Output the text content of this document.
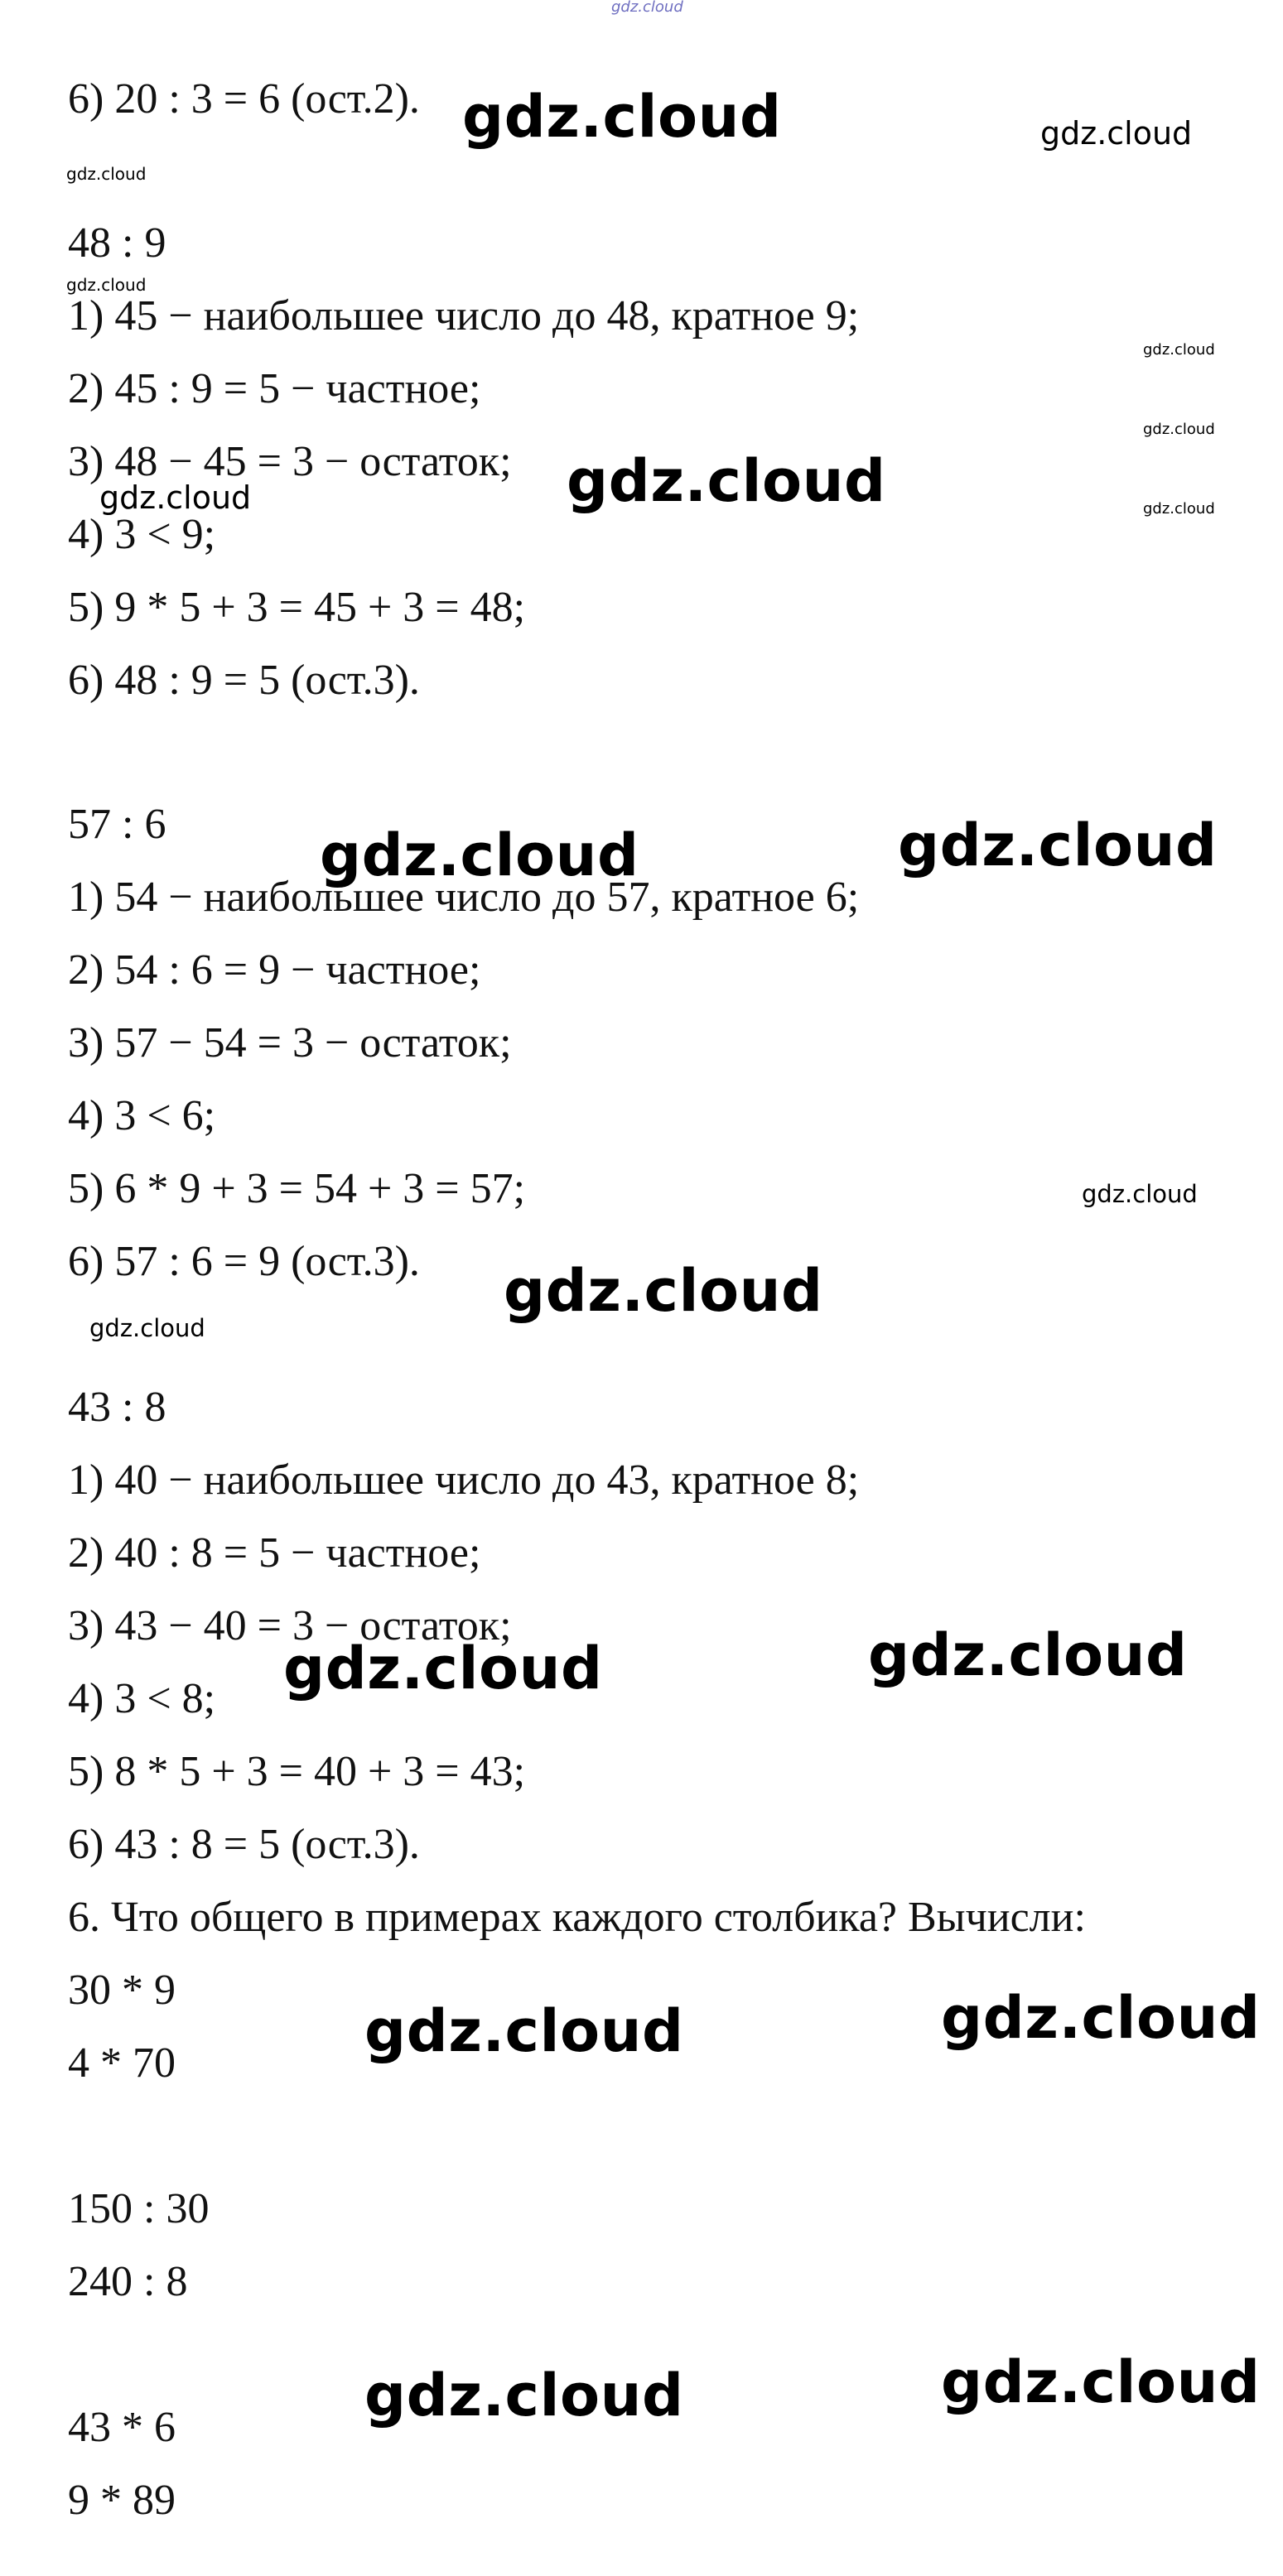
gdz.cloud

6) 20 : 3 = 6 (ост.2).

48 : 9

1) 45 − наибольшее число до 48, кратное 9;

2) 45 : 9 = 5 − частное;

3) 48 − 45 = 3 − остаток;

4) 3 < 9;

5) 9 * 5 + 3 = 45 + 3 = 48;

6) 48 : 9 = 5 (ост.3).

57 : 6

1) 54 − наибольшее число до 57, кратное 6;

2) 54 : 6 = 9 − частное;

3) 57 − 54 = 3 − остаток;

4) 3 < 6;

5) 6 * 9 + 3 = 54 + 3 = 57;

6) 57 : 6 = 9 (ост.3).

43 : 8

1) 40 − наибольшее число до 43, кратное 8;

2) 40 : 8 = 5 − частное;

3) 43 − 40 = 3 − остаток;

4) 3 < 8;

5) 8 * 5 + 3 = 40 + 3 = 43;

6) 43 : 8 = 5 (ост.3).

6. Что общего в примерах каждого столбика? Вычисли:

30 * 9

4 * 70

150 : 30

240 : 8

43 * 6

9 * 89

gdz.cloud	gdz.cloud
gdz.cloud
gdz.cloud
gdz.cloud
gdz.cloud
gdz.cloud
gdz.cloud
gdz.cloud
gdz.cloud	gdz.cloud
gdz.cloud
gdz.cloud
gdz.cloud
gdz.cloud
gdz.cloud
gdz.cloud
gdz.cloud
gdz.cloud
gdz.cloud
